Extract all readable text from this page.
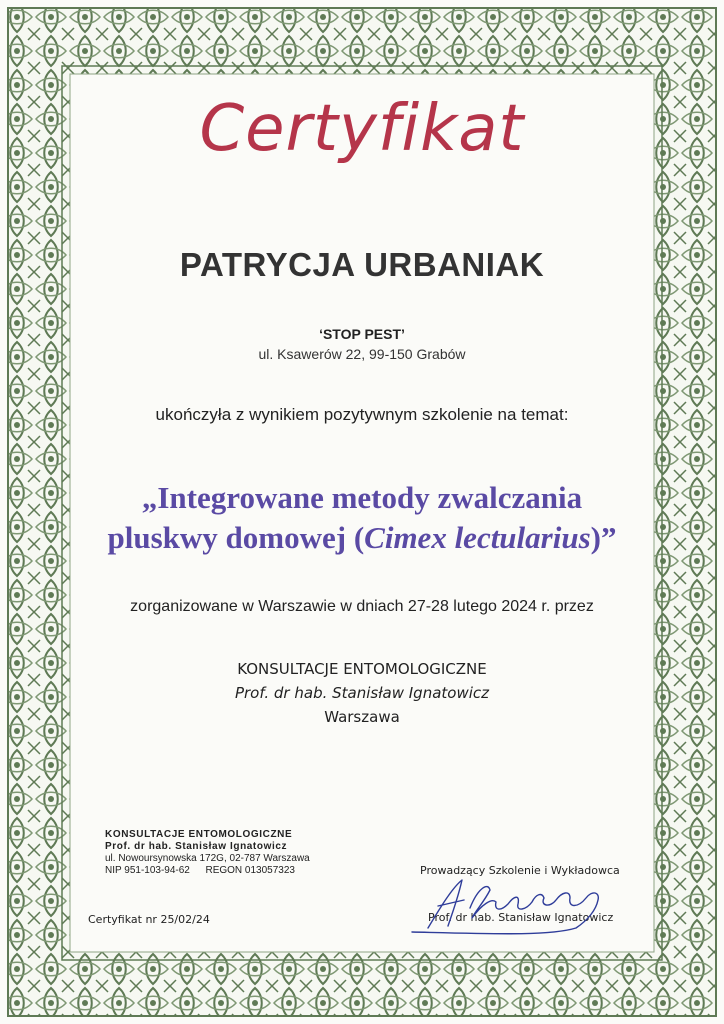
Certyfikat
PATRYCJA URBANIAK
‘STOP PEST’
ul. Ksawerów 22, 99-150 Grabów
ukończyła z wynikiem pozytywnym szkolenie na temat:
„Integrowane metody zwalczania
pluskwy domowej (Cimex lectularius)”
zorganizowane w Warszawie w dniach 27-28 lutego 2024 r. przez
KONSULTACJE ENTOMOLOGICZNE
Prof. dr hab. Stanisław Ignatowicz
Warszawa
KONSULTACJE ENTOMOLOGICZNE
Prof. dr hab. Stanisław Ignatowicz
ul. Nowoursynowska 172G, 02-787 Warszawa
NIP 951-103-94-62 REGON 013057323
Certyfikat nr 25/02/24
Prowadzący Szkolenie i Wykładowca
Prof. dr hab. Stanisław Ignatowicz
